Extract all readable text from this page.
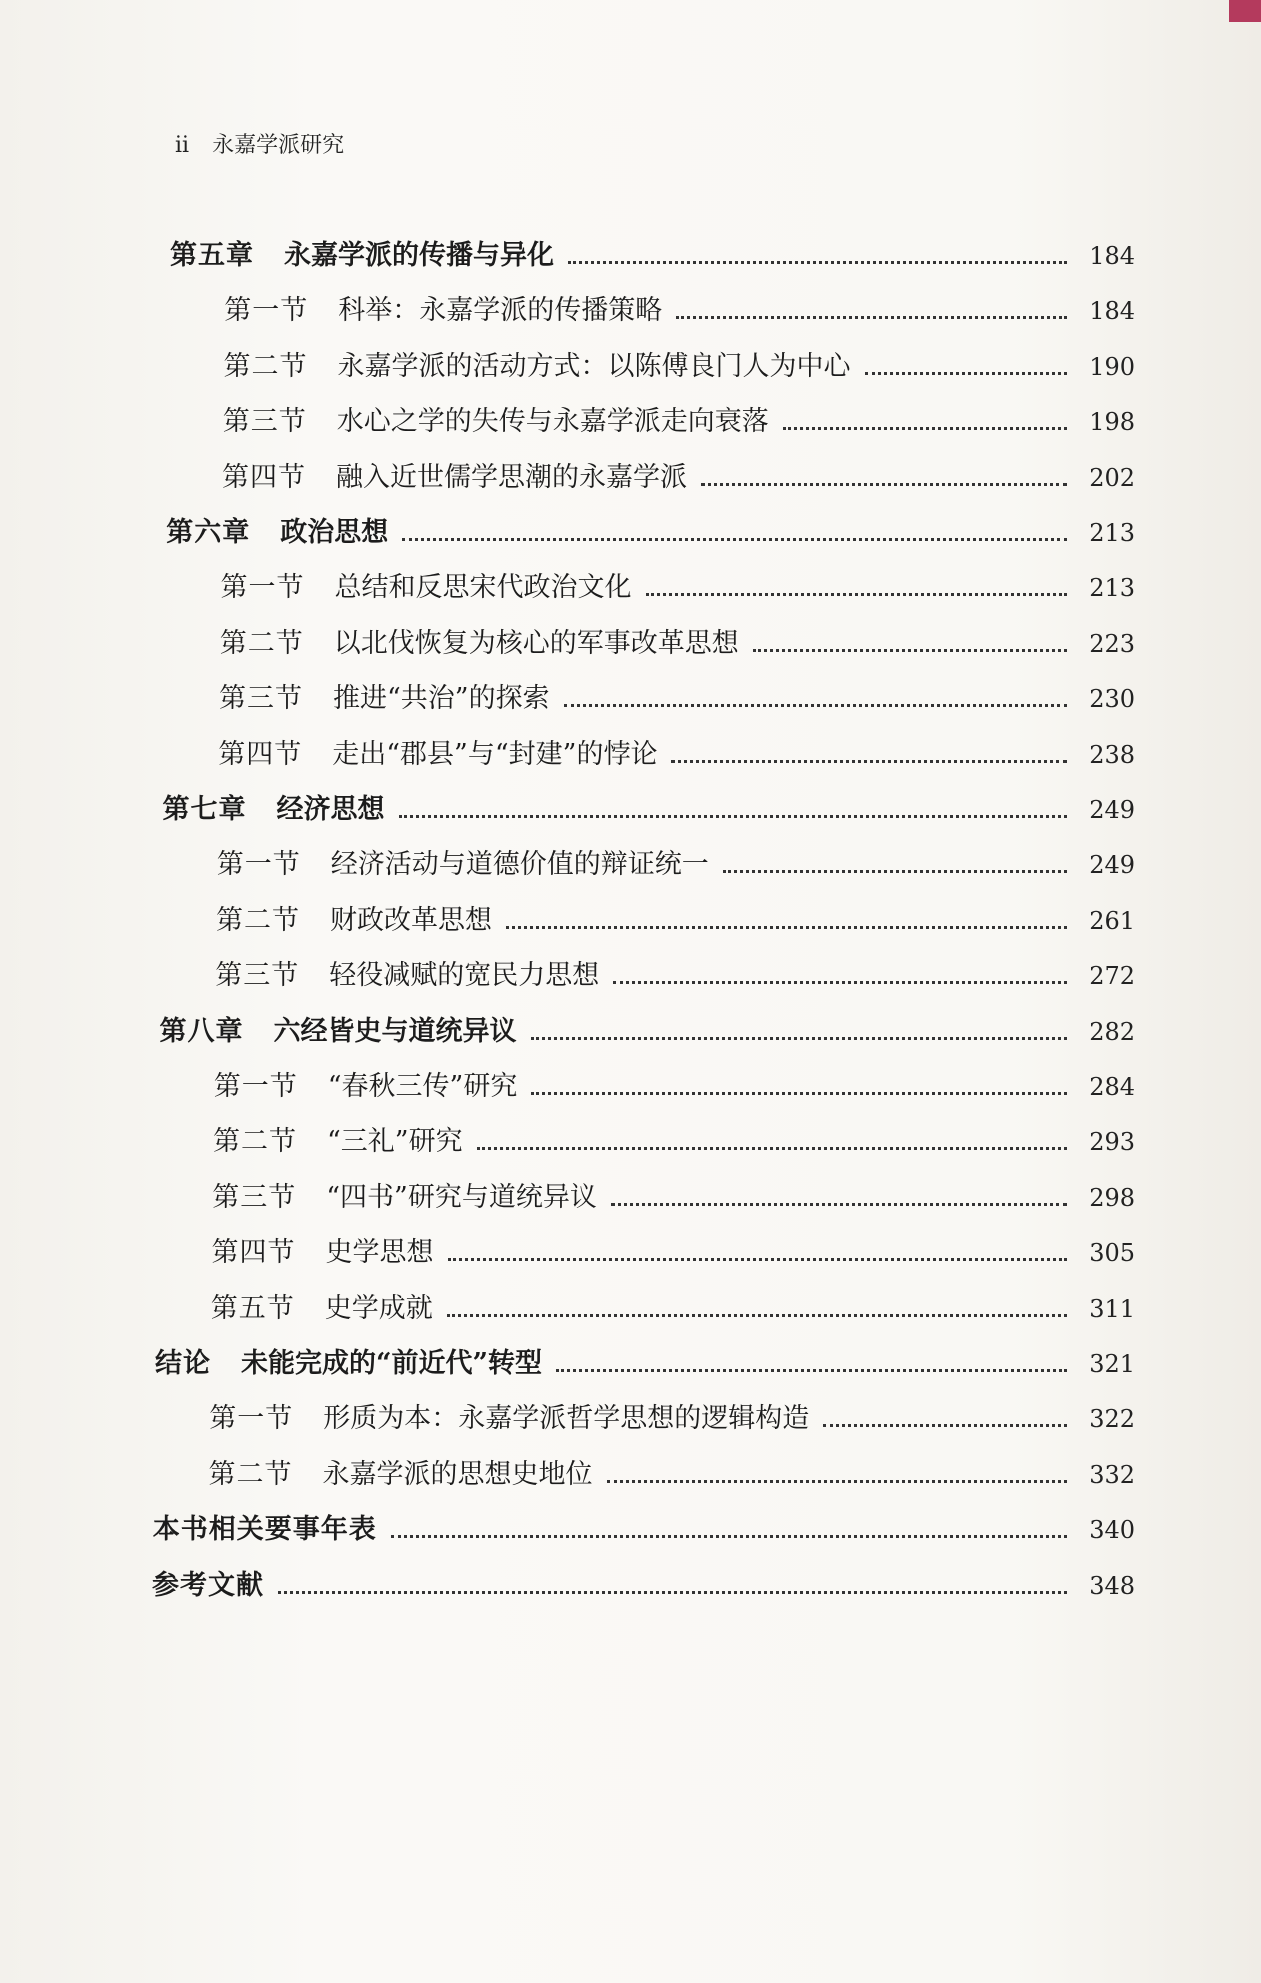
ii 永嘉学派研究
第五章 永嘉学派的传播与异化	184
第一节 科举：永嘉学派的传播策略	184
第二节 永嘉学派的活动方式：以陈傅良门人为中心	190
第三节 水心之学的失传与永嘉学派走向衰落	198
第四节 融入近世儒学思潮的永嘉学派	202
第六章 政治思想	213
第一节 总结和反思宋代政治文化	213
第二节 以北伐恢复为核心的军事改革思想	223
第三节 推进“共治”的探索	230
第四节 走出“郡县”与“封建”的悖论	238
第七章 经济思想	249
第一节 经济活动与道德价值的辩证统一	249
第二节 财政改革思想	261
第三节 轻役减赋的宽民力思想	272
第八章 六经皆史与道统异议	282
第一节 “春秋三传”研究	284
第二节 “三礼”研究	293
第三节 “四书”研究与道统异议	298
第四节 史学思想	305
第五节 史学成就	311
结论 未能完成的“前近代”转型	321
第一节 形质为本：永嘉学派哲学思想的逻辑构造	322
第二节 永嘉学派的思想史地位	332
本书相关要事年表	340
参考文献	348
